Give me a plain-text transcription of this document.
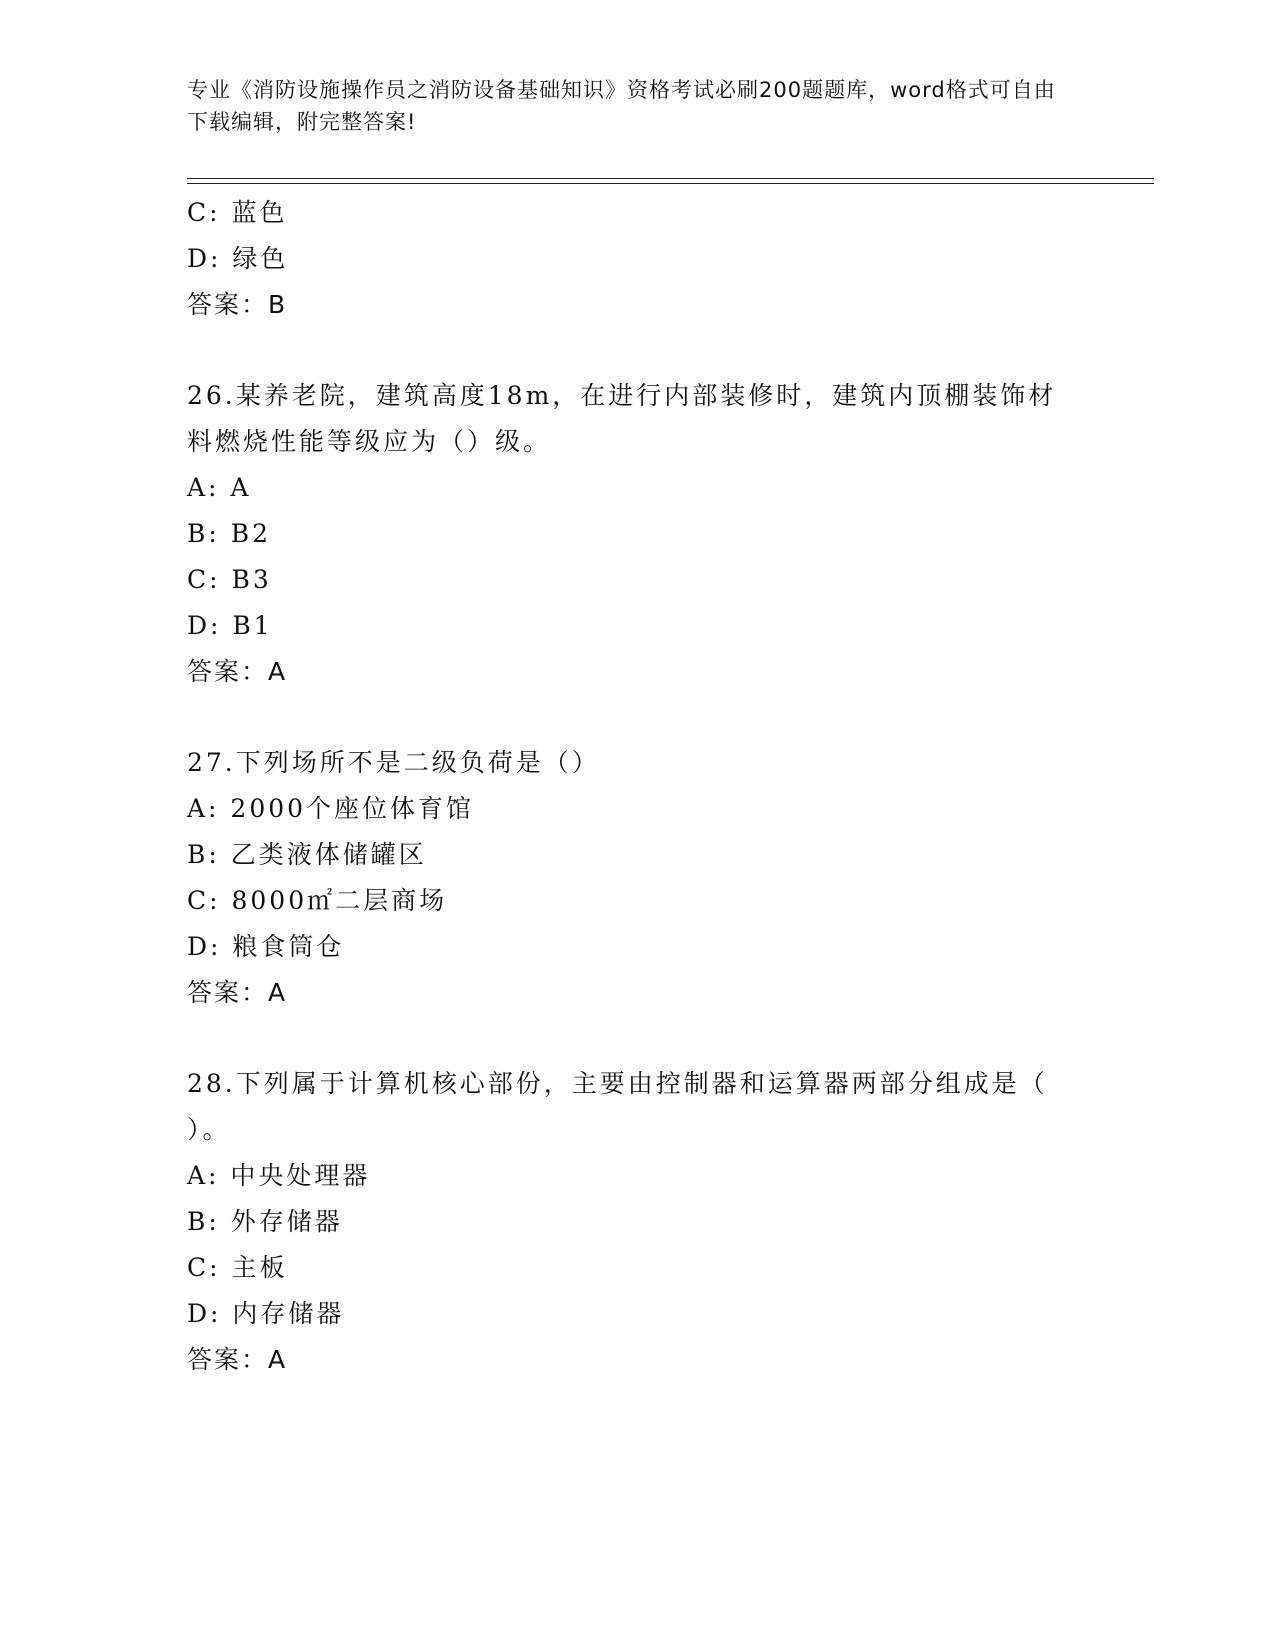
专业《消防设施操作员之消防设备基础知识》资格考试必刷200题题库，word格式可自由下载编辑，附完整答案!
C: 蓝色
D: 绿色
答案：B
26.某养老院，建筑高度18m，在进行内部装修时，建筑内顶棚装饰材
料燃烧性能等级应为（）级。
A: A
B: B2
C: B3
D: B1
答案：A
27.下列场所不是二级负荷是（）
A: 2000个座位体育馆
B: 乙类液体储罐区
C: 8000㎡二层商场
D: 粮食筒仓
答案：A
28.下列属于计算机核心部份，主要由控制器和运算器两部分组成是（
）。
A: 中央处理器
B: 外存储器
C: 主板
D: 内存储器
答案：A
